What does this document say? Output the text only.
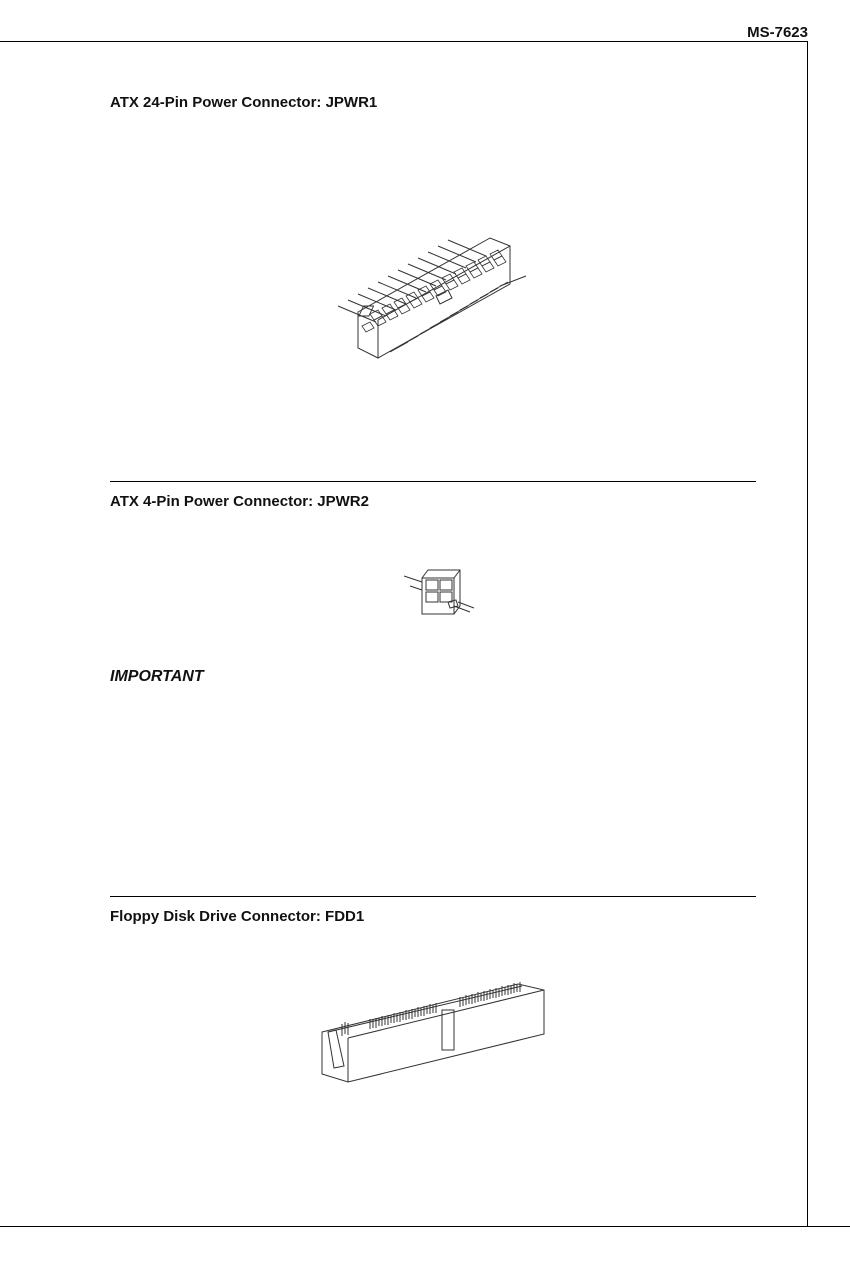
MS-7623
ATX 24-Pin Power Connector: JPWR1
ATX 4-Pin Power Connector: JPWR2
IMPORTANT
Floppy Disk Drive Connector: FDD1
